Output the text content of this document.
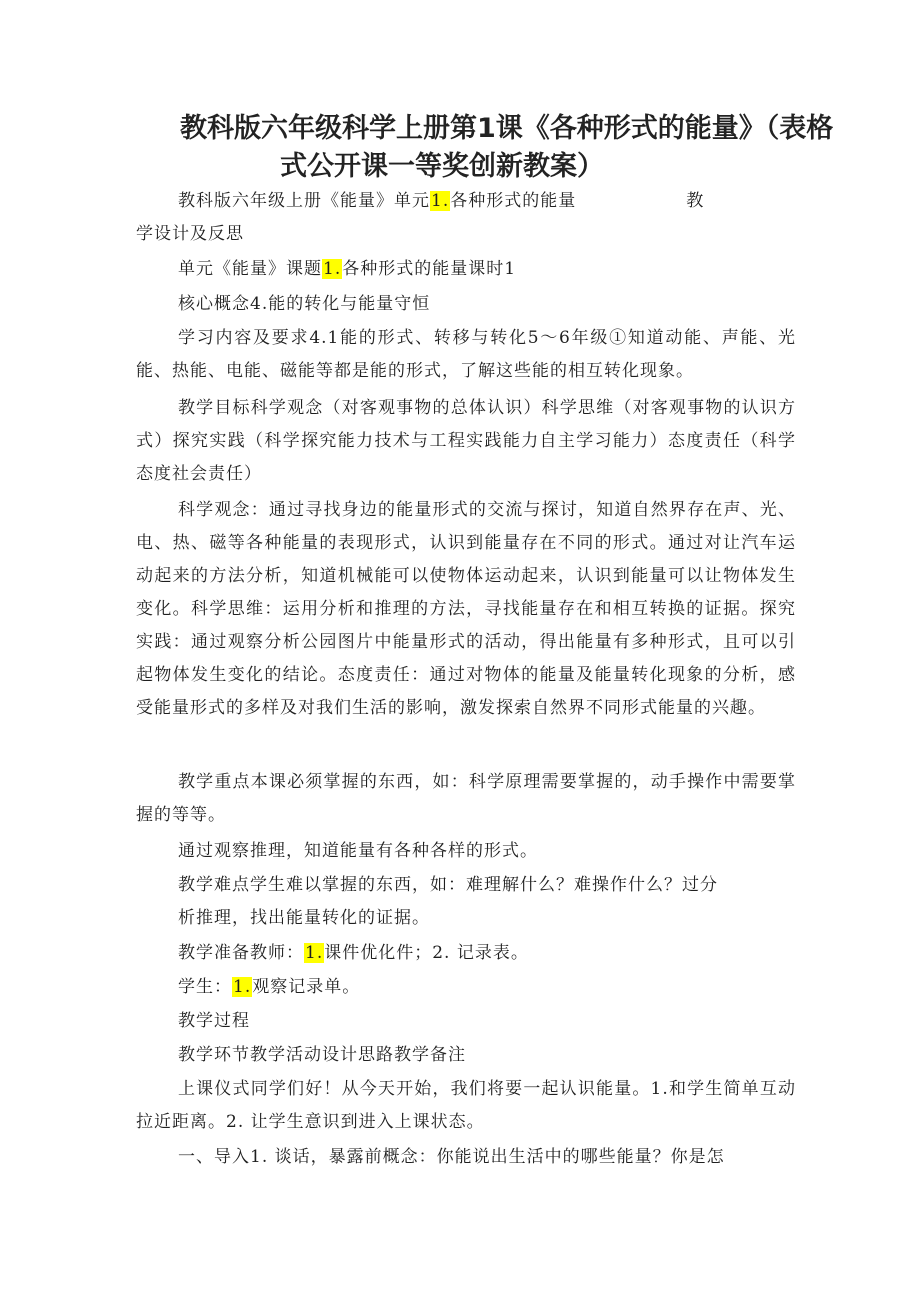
教科版六年级科学上册第1课《各种形式的能量》（表格
式公开课一等奖创新教案）
教科版六年级上册《能量》单元1.各种形式的能量	教
学设计及反思
单元《能量》课题1.各种形式的能量课时1
核心概念4.能的转化与能量守恒
学习内容及要求4.1能的形式、转移与转化5～6年级①知道动能、声能、光能、热能、电能、磁能等都是能的形式，了解这些能的相互转化现象。
教学目标科学观念（对客观事物的总体认识）科学思维（对客观事物的认识方式）探究实践（科学探究能力技术与工程实践能力自主学习能力）态度责任（科学态度社会责任）
科学观念：通过寻找身边的能量形式的交流与探讨，知道自然界存在声、光、电、热、磁等各种能量的表现形式，认识到能量存在不同的形式。通过对让汽车运动起来的方法分析，知道机械能可以使物体运动起来，认识到能量可以让物体发生变化。科学思维：运用分析和推理的方法，寻找能量存在和相互转换的证据。探究实践：通过观察分析公园图片中能量形式的活动，得出能量有多种形式，且可以引起物体发生变化的结论。态度责任：通过对物体的能量及能量转化现象的分析，感受能量形式的多样及对我们生活的影响，激发探索自然界不同形式能量的兴趣。
教学重点本课必须掌握的东西，如：科学原理需要掌握的，动手操作中需要掌握的等等。
通过观察推理，知道能量有各种各样的形式。
教学难点学生难以掌握的东西，如：难理解什么？难操作什么？过分
析推理，找出能量转化的证据。
教学准备教师：1.课件优化件；2. 记录表。
学生：1.观察记录单。
教学过程
教学环节教学活动设计思路教学备注
上课仪式同学们好！从今天开始，我们将要一起认识能量。1.和学生简单互动拉近距离。2. 让学生意识到进入上课状态。
一、导入1. 谈话，暴露前概念：你能说出生活中的哪些能量？你是怎
